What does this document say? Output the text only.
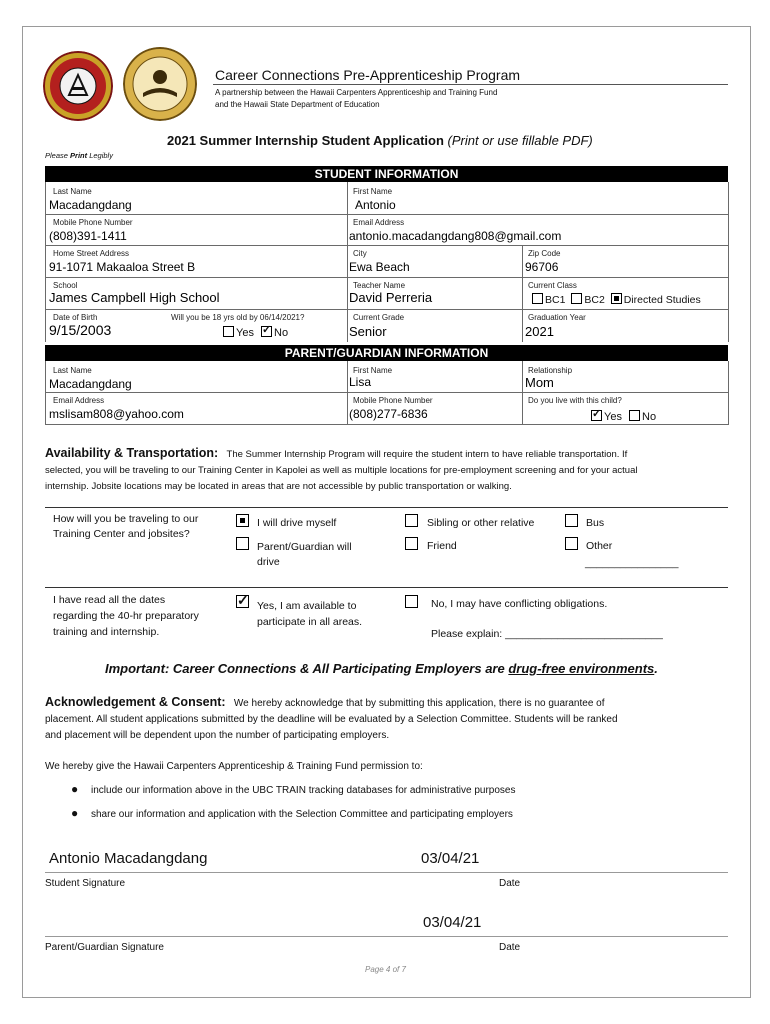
Career Connections Pre-Apprenticeship Program
A partnership between the Hawaii Carpenters Apprenticeship and Training Fund
and the Hawaii State Department of Education
2021 Summer Internship Student Application (Print or use fillable PDF)
Please Print Legibly
STUDENT INFORMATION
Last Name
Macadangdang
First Name
Antonio
Mobile Phone Number
(808)391-1411
Email Address
antonio.macadangdang808@gmail.com
Home Street Address
91-1071 Makaaloa Street B
City
Ewa Beach
Zip Code
96706
School
James Campbell High School
Teacher Name
David Perreria
Current Class
BC1 BC2 Directed Studies
Date of Birth
9/15/2003
Will you be 18 yrs old by 06/14/2021?
Yes ✓ No
Current Grade
Senior
Graduation Year
2021
PARENT/GUARDIAN INFORMATION
Last Name
Macadangdang
First Name
Lisa
Relationship
Mom
Email Address
mslisam808@yahoo.com
Mobile Phone Number
(808)277-6836
Do you live with this child?
✓Yes No
Availability & Transportation: The Summer Internship Program will require the student intern to have reliable transportation. If
selected, you will be traveling to our Training Center in Kapolei as well as multiple locations for pre-employment screening and for your actual
internship. Jobsite locations may be located in areas that are not accessible by public transportation or walking.
How will you be traveling to our
Training Center and jobsites?
I will drive myself	Sibling or other relative	Bus
Parent/Guardian will
drive
Friend	Other
________________
I have read all the dates
regarding the 40-hr preparatory
training and internship.
✓
Yes, I am available to
participate in all areas.
No, I may have conflicting obligations.
Please explain: ___________________________
Important: Career Connections & All Participating Employers are drug-free environments.
Acknowledgement & Consent: We hereby acknowledge that by submitting this application, there is no guarantee of
placement. All student applications submitted by the deadline will be evaluated by a Selection Committee. Students will be ranked
and placement will be dependent upon the number of participating employers.
We hereby give the Hawaii Carpenters Apprenticeship & Training Fund permission to:
● include our information above in the UBC TRAIN tracking databases for administrative purposes
● share our information and application with the Selection Committee and participating employers
Antonio Macadangdang	03/04/21
Student Signature	Date
03/04/21
Parent/Guardian Signature	Date
Page 4 of 7
